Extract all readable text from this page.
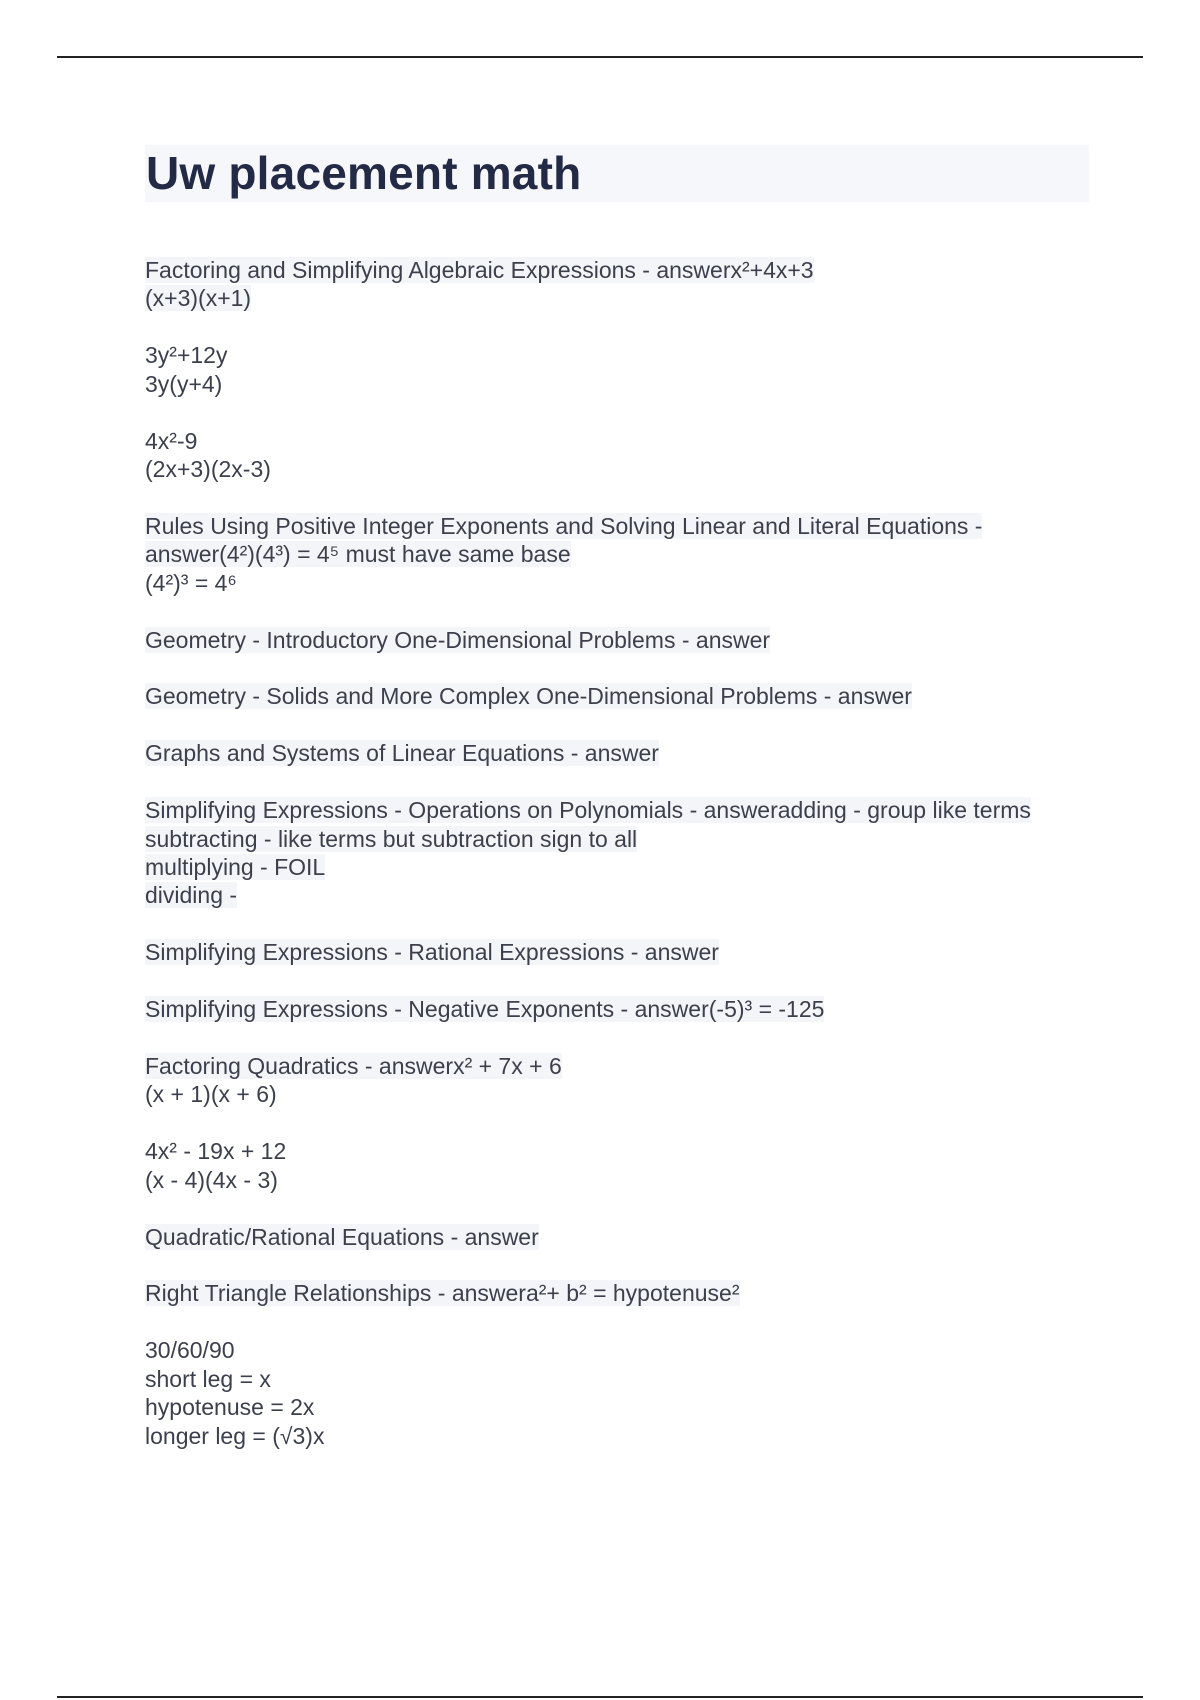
Uw placement math
Factoring and Simplifying Algebraic Expressions - answerx²+4x+3
(x+3)(x+1)
3y²+12y
3y(y+4)
4x²-9
(2x+3)(2x-3)
Rules Using Positive Integer Exponents and Solving Linear and Literal Equations -
answer(4²)(4³) = 4⁵ must have same base
(4²)³ = 4⁶
Geometry - Introductory One-Dimensional Problems - answer
Geometry - Solids and More Complex One-Dimensional Problems - answer
Graphs and Systems of Linear Equations - answer
Simplifying Expressions - Operations on Polynomials - answeradding - group like terms
subtracting - like terms but subtraction sign to all
multiplying - FOIL
dividing -
Simplifying Expressions - Rational Expressions - answer
Simplifying Expressions - Negative Exponents - answer(-5)³ = -125
Factoring Quadratics - answerx² + 7x + 6
(x + 1)(x + 6)
4x² - 19x + 12
(x - 4)(4x - 3)
Quadratic/Rational Equations - answer
Right Triangle Relationships - answera²+ b² = hypotenuse²
30/60/90
short leg = x
hypotenuse = 2x
longer leg = (√3)x
